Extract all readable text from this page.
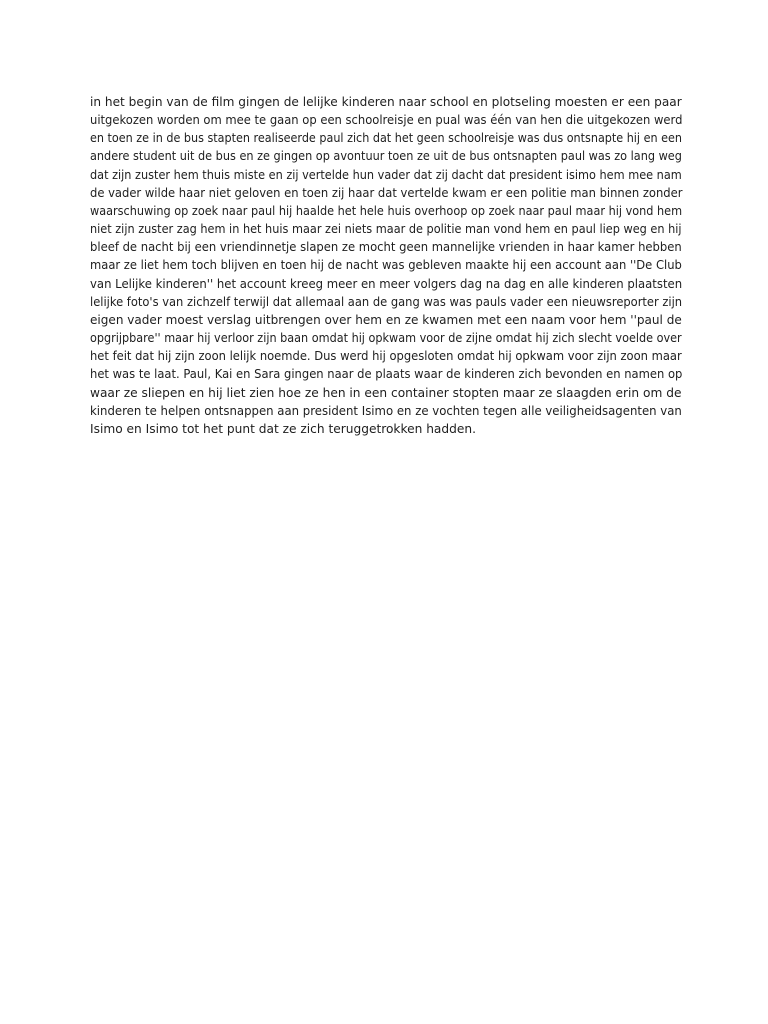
in het begin van de film gingen de lelijke kinderen naar school en plotseling moesten er een paar
uitgekozen worden om mee te gaan op een schoolreisje en pual was één van hen die uitgekozen werd
en toen ze in de bus stapten realiseerde paul zich dat het geen schoolreisje was dus ontsnapte hij en een
andere student uit de bus en ze gingen op avontuur toen ze uit de bus ontsnapten paul was zo lang weg
dat zijn zuster hem thuis miste en zij vertelde hun vader dat zij dacht dat president isimo hem mee nam
de vader wilde haar niet geloven en toen zij haar dat vertelde kwam er een politie man binnen zonder
waarschuwing op zoek naar paul hij haalde het hele huis overhoop op zoek naar paul maar hij vond hem
niet zijn zuster zag hem in het huis maar zei niets maar de politie man vond hem en paul liep weg en hij
bleef de nacht bij een vriendinnetje slapen ze mocht geen mannelijke vrienden in haar kamer hebben
maar ze liet hem toch blijven en toen hij de nacht was gebleven maakte hij een account aan ''De Club
van Lelijke kinderen'' het account kreeg meer en meer volgers dag na dag en alle kinderen plaatsten
lelijke foto's van zichzelf terwijl dat allemaal aan de gang was was pauls vader een nieuwsreporter zijn
eigen vader moest verslag uitbrengen over hem en ze kwamen met een naam voor hem ''paul de
opgrijpbare'' maar hij verloor zijn baan omdat hij opkwam voor de zijne omdat hij zich slecht voelde over
het feit dat hij zijn zoon lelijk noemde. Dus werd hij opgesloten omdat hij opkwam voor zijn zoon maar
het was te laat. Paul, Kai en Sara gingen naar de plaats waar de kinderen zich bevonden en namen op
waar ze sliepen en hij liet zien hoe ze hen in een container stopten maar ze slaagden erin om de
kinderen te helpen ontsnappen aan president Isimo en ze vochten tegen alle veiligheidsagenten van
Isimo en Isimo tot het punt dat ze zich teruggetrokken hadden.
